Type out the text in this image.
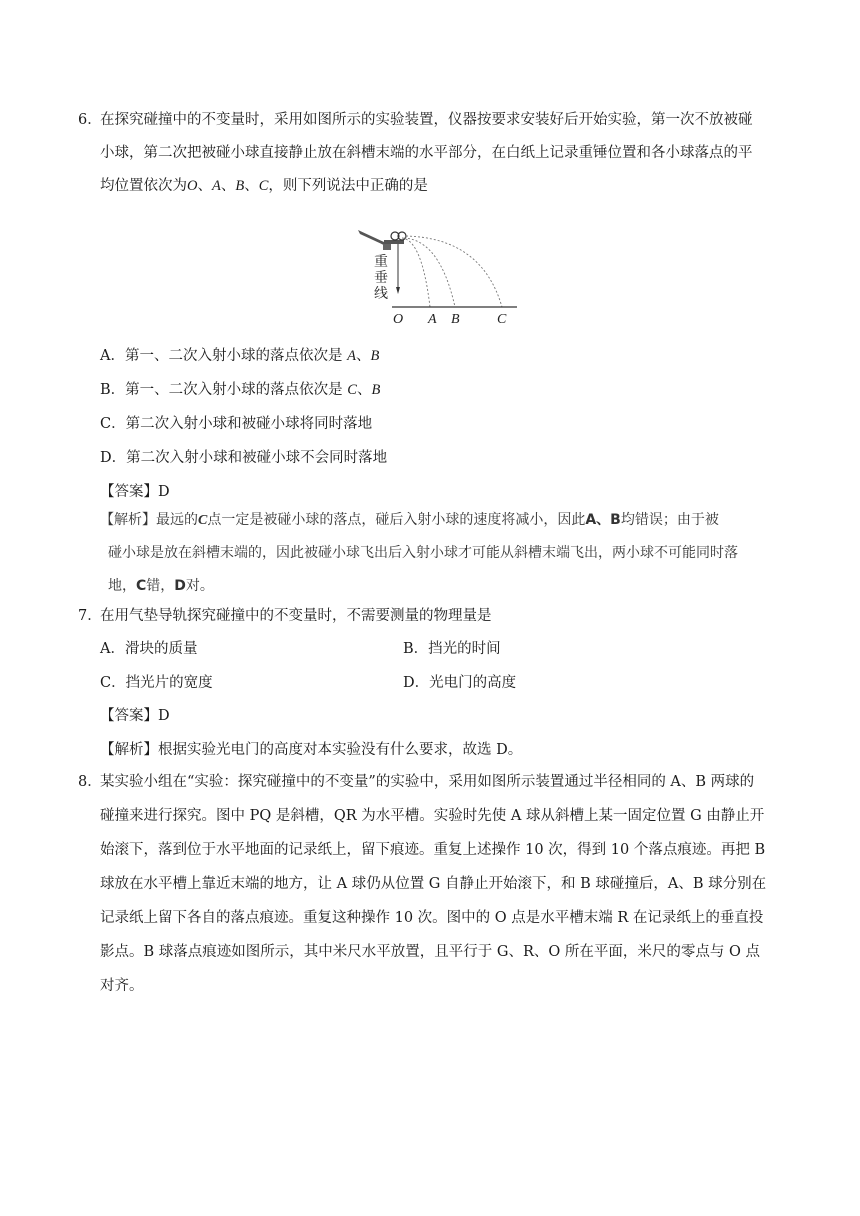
6．
在探究碰撞中的不变量时，采用如图所示的实验装置，仪器按要求安装好后开始实验，第一次不放被碰
小球，第二次把被碰小球直接静止放在斜槽末端的水平部分，在白纸上记录重锤位置和各小球落点的平
均位置依次为O、A、B、C，则下列说法中正确的是
重
垂
线
O A B	C
A．第一、二次入射小球的落点依次是 A、B
B．第一、二次入射小球的落点依次是 C、B
C．第二次入射小球和被碰小球将同时落地
D．第二次入射小球和被碰小球不会同时落地
【答案】D
【解析】最远的C点一定是被碰小球的落点，碰后入射小球的速度将减小，因此A、B均错误；由于被
碰小球是放在斜槽末端的，因此被碰小球飞出后入射小球才可能从斜槽末端飞出，两小球不可能同时落
地，C错，D对。
7．
在用气垫导轨探究碰撞中的不变量时，不需要测量的物理量是
A．滑块的质量	B．挡光的时间
C．挡光片的宽度	D．光电门的高度
【答案】D
【解析】根据实验光电门的高度对本实验没有什么要求，故选 D。
8．
某实验小组在“实验：探究碰撞中的不变量”的实验中，采用如图所示装置通过半径相同的 A、B 两球的
碰撞来进行探究。图中 PQ 是斜槽，QR 为水平槽。实验时先使 A 球从斜槽上某一固定位置 G 由静止开
始滚下，落到位于水平地面的记录纸上，留下痕迹。重复上述操作 10 次，得到 10 个落点痕迹。再把 B
球放在水平槽上靠近末端的地方，让 A 球仍从位置 G 自静止开始滚下，和 B 球碰撞后，A、B 球分别在
记录纸上留下各自的落点痕迹。重复这种操作 10 次。图中的 O 点是水平槽末端 R 在记录纸上的垂直投
影点。B 球落点痕迹如图所示，其中米尺水平放置，且平行于 G、R、O 所在平面，米尺的零点与 O 点
对齐。
